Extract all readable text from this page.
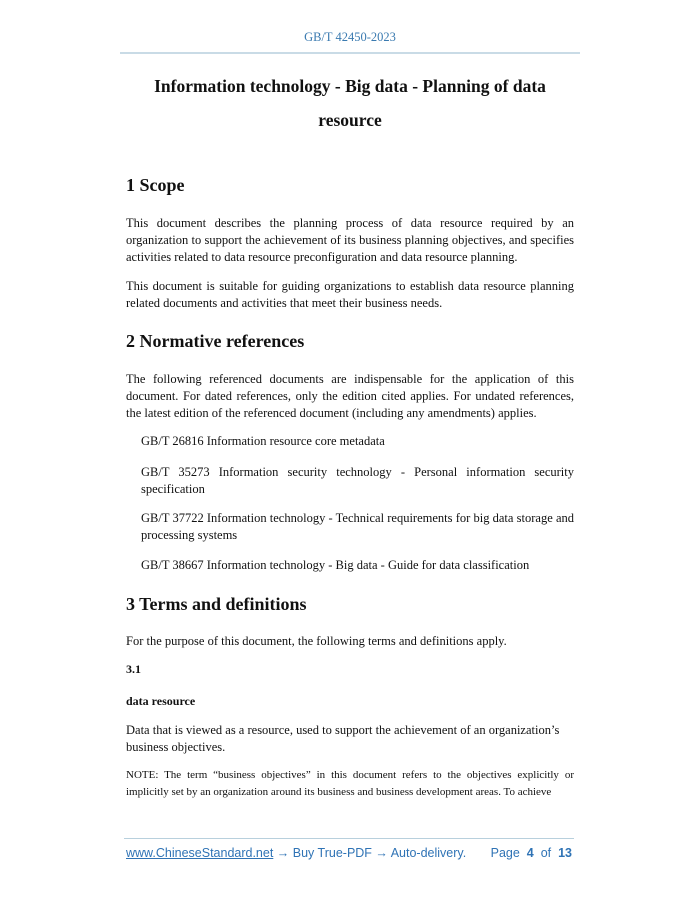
GB/T 42450-2023
Information technology - Big data - Planning of data
resource
1 Scope

This document describes the planning process of data resource required by an organization to support the achievement of its business planning objectives, and specifies activities related to data resource preconfiguration and data resource planning.

This document is suitable for guiding organizations to establish data resource planning related documents and activities that meet their business needs.

2 Normative references

The following referenced documents are indispensable for the application of this document. For dated references, only the edition cited applies. For undated references, the latest edition of the referenced document (including any amendments) applies.

GB/T 26816 Information resource core metadata

GB/T 35273 Information security technology - Personal information security specification

GB/T 37722 Information technology - Technical requirements for big data storage and processing systems

GB/T 38667 Information technology - Big data - Guide for data classification

3 Terms and definitions

For the purpose of this document, the following terms and definitions apply.

3.1

data resource

Data that is viewed as a resource, used to support the achievement of an organization’s business objectives.

NOTE: The term “business objectives” in this document refers to the objectives explicitly or implicitly set by an organization around its business and business development areas. To achieve

www.ChineseStandard.net → Buy True-PDF → Auto-delivery. Page 4 of 13
